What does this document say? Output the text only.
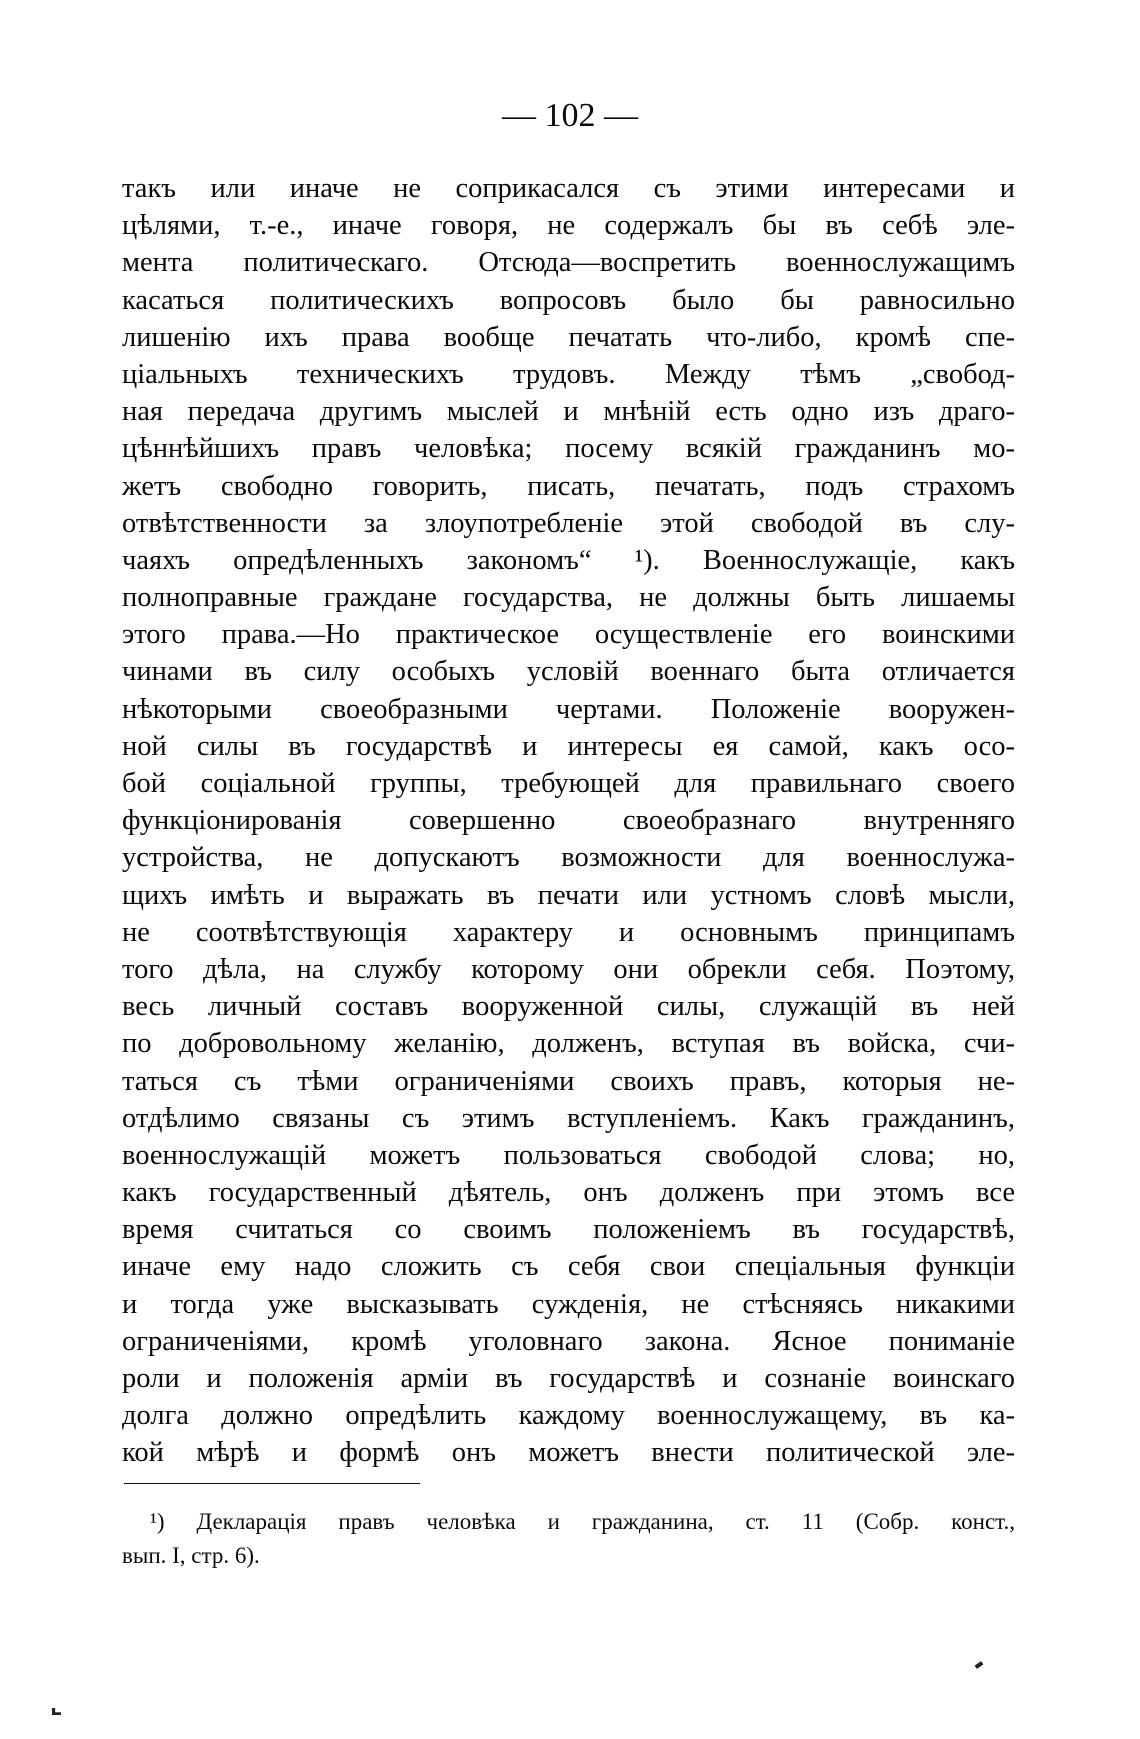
— 102 —
такъ или иначе не соприкасался съ этими интересами и
цѣлями, т.-е., иначе говоря, не содержалъ бы въ себѣ эле-
мента политическаго. Отсюда—воспретить военнослужащимъ
касаться политическихъ вопросовъ было бы равносильно
лишенію ихъ права вообще печатать что-либо, кромѣ спе-
ціальныхъ техническихъ трудовъ. Между тѣмъ „свобод-
ная передача другимъ мыслей и мнѣній есть одно изъ драго-
цѣннѣйшихъ правъ человѣка; посему всякій гражданинъ мо-
жетъ свободно говорить, писать, печатать, подъ страхомъ
отвѣтственности за злоупотребленіе этой свободой въ слу-
чаяхъ опредѣленныхъ закономъ“ ¹). Военнослужащіе, какъ
полноправные граждане государства, не должны быть лишаемы
этого права.—Но практическое осуществленіе его воинскими
чинами въ силу особыхъ условій военнаго быта отличается
нѣкоторыми своеобразными чертами. Положеніе вооружен-
ной силы въ государствѣ и интересы ея самой, какъ осо-
бой соціальной группы, требующей для правильнаго своего
функціонированія совершенно своеобразнаго внутренняго
устройства, не допускаютъ возможности для военнослужа-
щихъ имѣть и выражать въ печати или устномъ словѣ мысли,
не соотвѣтствующія характеру и основнымъ принципамъ
того дѣла, на службу которому они обрекли себя. Поэтому,
весь личный составъ вооруженной силы, служащій въ ней
по добровольному желанію, долженъ, вступая въ войска, счи-
таться съ тѣми ограниченіями своихъ правъ, которыя не-
отдѣлимо связаны съ этимъ вступленіемъ. Какъ гражданинъ,
военнослужащій можетъ пользоваться свободой слова; но,
какъ государственный дѣятель, онъ долженъ при этомъ все
время считаться со своимъ положеніемъ въ государствѣ,
иначе ему надо сложить съ себя свои спеціальныя функціи
и тогда уже высказывать сужденія, не стѣсняясь никакими
ограниченіями, кромѣ уголовнаго закона. Ясное пониманіе
роли и положенія арміи въ государствѣ и сознаніе воинскаго
долга должно опредѣлить каждому военнослужащему, въ ка-
кой мѣрѣ и формѣ онъ можетъ внести политической эле-
¹) Декларація правъ человѣка и гражданина, ст. 11 (Собр. конст.,
вып. I, стр. 6).
